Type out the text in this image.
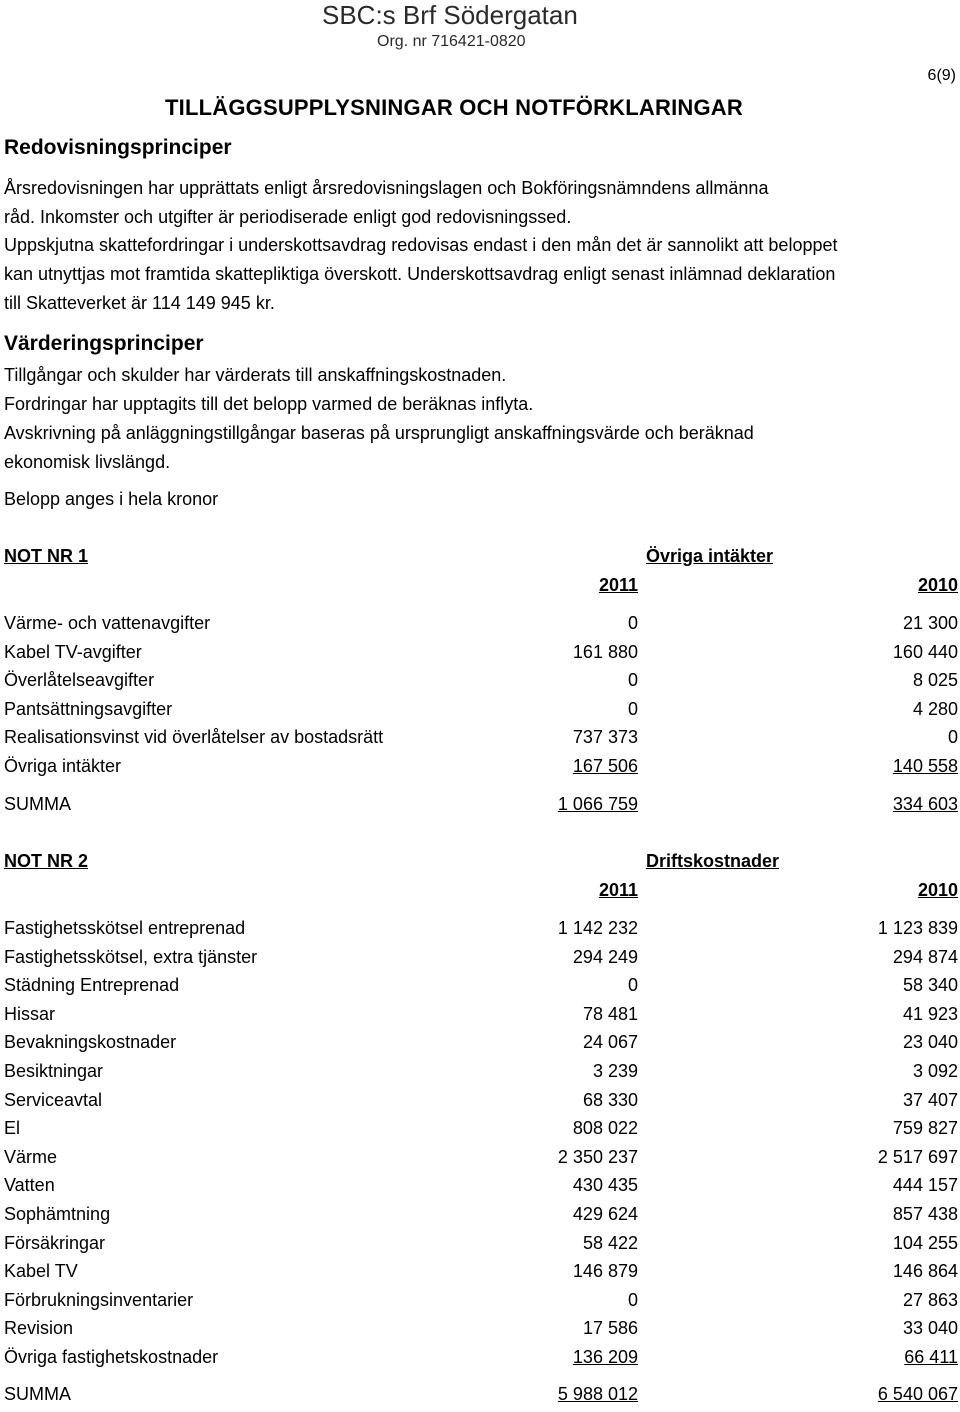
SBC:s Brf Södergatan
Org. nr 716421-0820
6(9)
TILLÄGGSUPPLYSNINGAR OCH NOTFÖRKLARINGAR
Redovisningsprinciper
Årsredovisningen har upprättats enligt årsredovisningslagen och Bokföringsnämndens allmänna
råd. Inkomster och utgifter är periodiserade enligt god redovisningssed.
Uppskjutna skattefordringar i underskottsavdrag redovisas endast i den mån det är sannolikt att beloppet
kan utnyttjas mot framtida skattepliktiga överskott. Underskottsavdrag enligt senast inlämnad deklaration
till Skatteverket är 114 149 945 kr.
Värderingsprinciper
Tillgångar och skulder har värderats till anskaffningskostnaden.
Fordringar har upptagits till det belopp varmed de beräknas inflyta.
Avskrivning på anläggningstillgångar baseras på ursprungligt anskaffningsvärde och beräknad
ekonomisk livslängd.
Belopp anges i hela kronor
NOT NR 1	Övriga intäkter
2011	2010
Värme- och vattenavgifter	0	21 300
Kabel TV-avgifter	161 880	160 440
Överlåtelseavgifter	0	8 025
Pantsättningsavgifter	0	4 280
Realisationsvinst vid överlåtelser av bostadsrätt	737 373	0
Övriga intäkter	167 506	140 558
SUMMA	1 066 759	334 603
NOT NR 2	Driftskostnader
2011	2010
Fastighetsskötsel entreprenad	1 142 232	1 123 839
Fastighetsskötsel, extra tjänster	294 249	294 874
Städning Entreprenad	0	58 340
Hissar	78 481	41 923
Bevakningskostnader	24 067	23 040
Besiktningar	3 239	3 092
Serviceavtal	68 330	37 407
El	808 022	759 827
Värme	2 350 237	2 517 697
Vatten	430 435	444 157
Sophämtning	429 624	857 438
Försäkringar	58 422	104 255
Kabel TV	146 879	146 864
Förbrukningsinventarier	0	27 863
Revision	17 586	33 040
Övriga fastighetskostnader	136 209	66 411
SUMMA	5 988 012	6 540 067
